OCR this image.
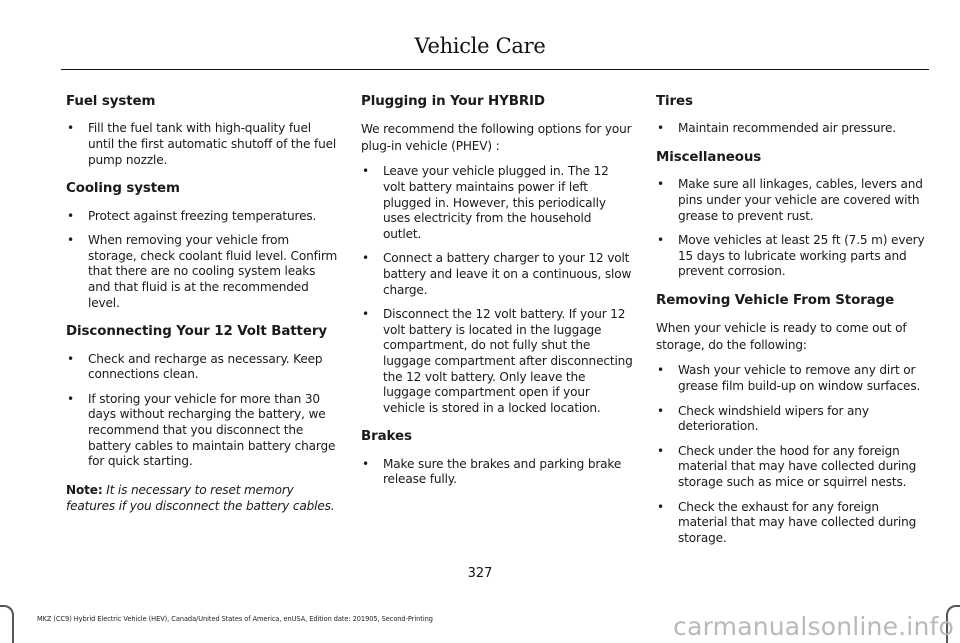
Vehicle Care
Fuel system
• Fill the fuel tank with high-quality fuel until the first automatic shutoff of the fuel pump nozzle.
Cooling system
• Protect against freezing temperatures.
• When removing your vehicle from storage, check coolant fluid level. Confirm that there are no cooling system leaks and that fluid is at the recommended level.
Disconnecting Your 12 Volt Battery
• Check and recharge as necessary. Keep connections clean.
• If storing your vehicle for more than 30 days without recharging the battery, we recommend that you disconnect the battery cables to maintain battery charge for quick starting.
Note: It is necessary to reset memory features if you disconnect the battery cables.
Plugging in Your HYBRID
We recommend the following options for your plug-in vehicle (PHEV) :
• Leave your vehicle plugged in. The 12 volt battery maintains power if left plugged in. However, this periodically uses electricity from the household outlet.
• Connect a battery charger to your 12 volt battery and leave it on a continuous, slow charge.
• Disconnect the 12 volt battery. If your 12 volt battery is located in the luggage compartment, do not fully shut the luggage compartment after disconnecting the 12 volt battery. Only leave the luggage compartment open if your vehicle is stored in a locked location.
Brakes
• Make sure the brakes and parking brake release fully.
Tires
• Maintain recommended air pressure.
Miscellaneous
• Make sure all linkages, cables, levers and pins under your vehicle are covered with grease to prevent rust.
• Move vehicles at least 25 ft (7.5 m) every 15 days to lubricate working parts and prevent corrosion.
Removing Vehicle From Storage
When your vehicle is ready to come out of storage, do the following:
• Wash your vehicle to remove any dirt or grease film build-up on window surfaces.
• Check windshield wipers for any deterioration.
• Check under the hood for any foreign material that may have collected during storage such as mice or squirrel nests.
• Check the exhaust for any foreign material that may have collected during storage.
327
MKZ (CC9) Hybrid Electric Vehicle (HEV), Canada/United States of America, enUSA, Edition date: 201905, Second-Printing	carmanualsonline.info
